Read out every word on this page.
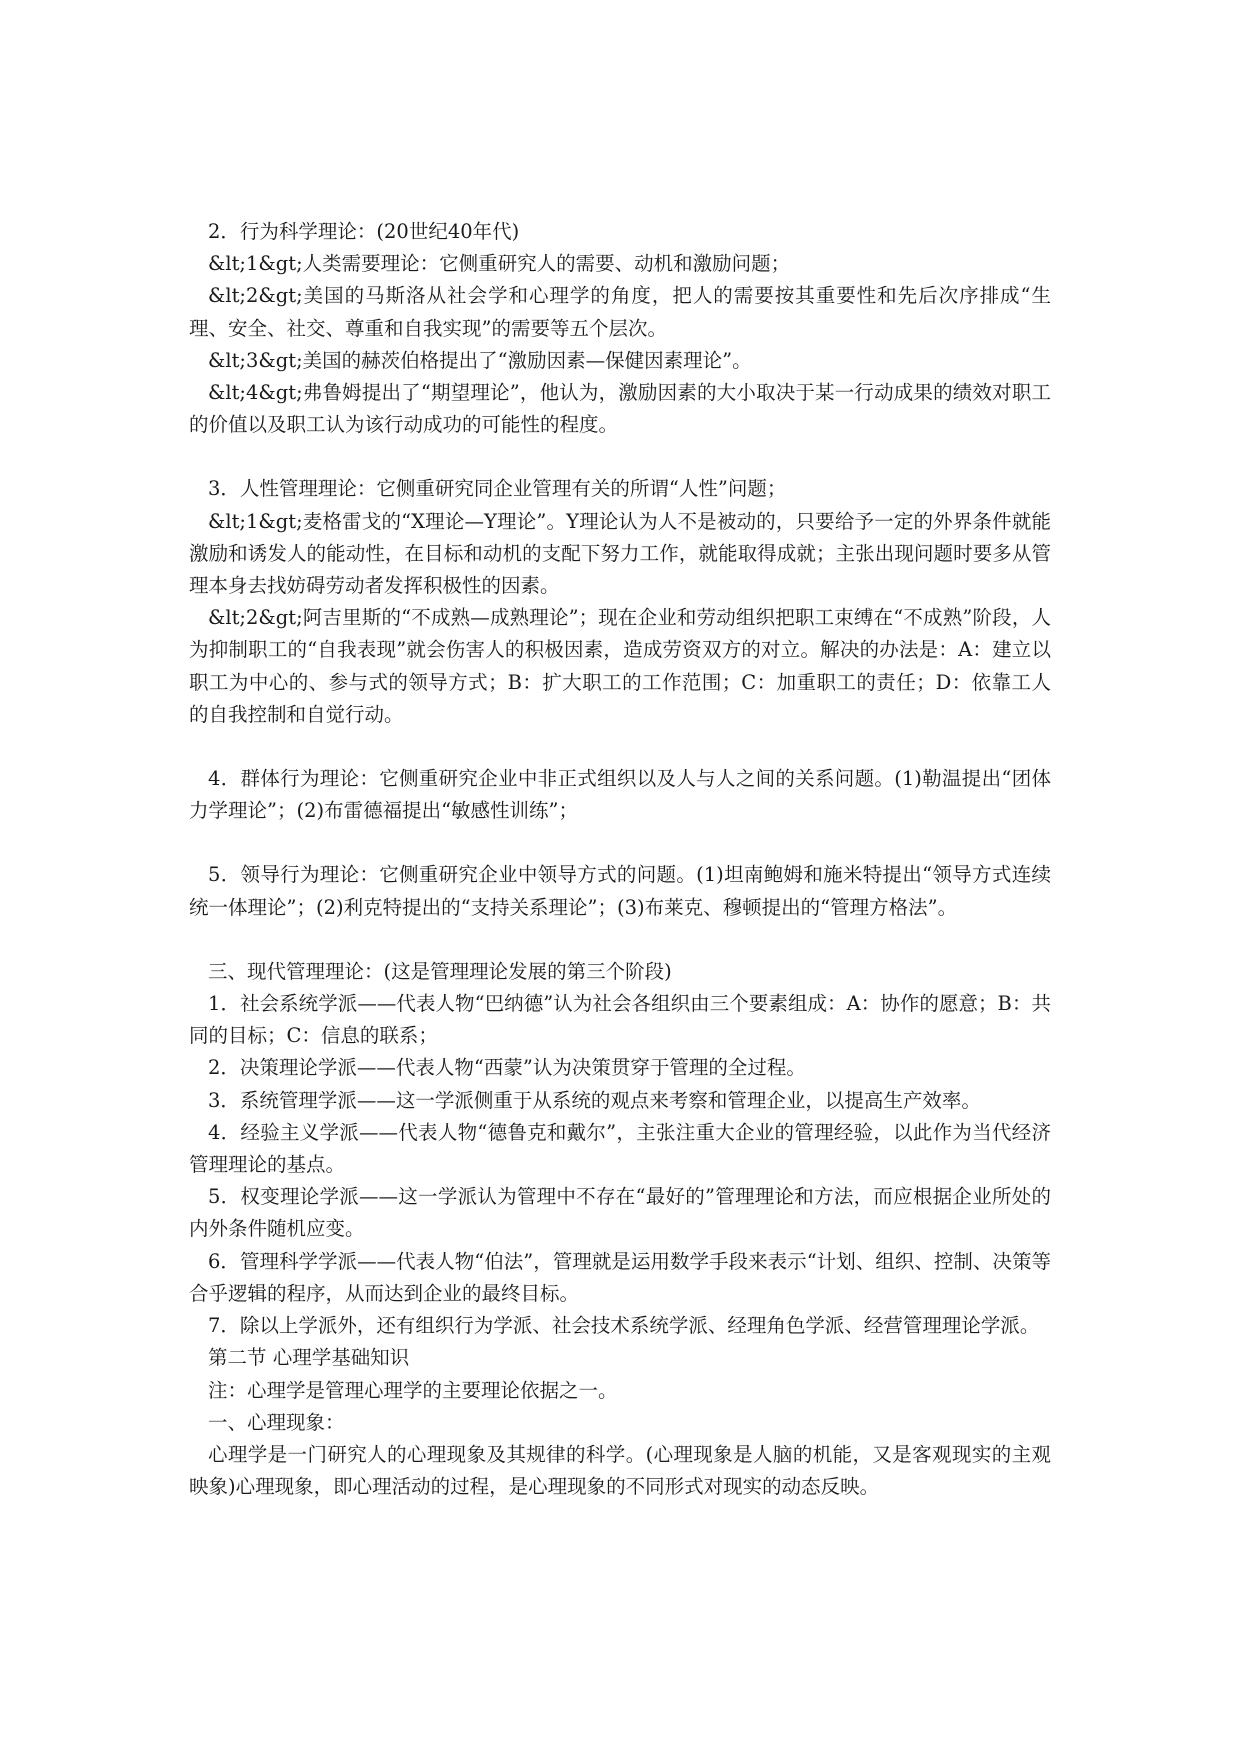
2．行为科学理论：(20世纪40年代)

&lt;1&gt;人类需要理论：它侧重研究人的需要、动机和激励问题；

&lt;2&gt;美国的马斯洛从社会学和心理学的角度，把人的需要按其重要性和先后次序排成“生理、安全、社交、尊重和自我实现”的需要等五个层次。

&lt;3&gt;美国的赫茨伯格提出了“激励因素—保健因素理论”。

&lt;4&gt;弗鲁姆提出了“期望理论”，他认为，激励因素的大小取决于某一行动成果的绩效对职工的价值以及职工认为该行动成功的可能性的程度。

3．人性管理理论：它侧重研究同企业管理有关的所谓“人性”问题；

&lt;1&gt;麦格雷戈的“X理论—Y理论”。Y理论认为人不是被动的，只要给予一定的外界条件就能激励和诱发人的能动性，在目标和动机的支配下努力工作，就能取得成就；主张出现问题时要多从管理本身去找妨碍劳动者发挥积极性的因素。

&lt;2&gt;阿吉里斯的“不成熟—成熟理论”；现在企业和劳动组织把职工束缚在“不成熟”阶段，人为抑制职工的“自我表现”就会伤害人的积极因素，造成劳资双方的对立。解决的办法是：A：建立以职工为中心的、参与式的领导方式；B：扩大职工的工作范围；C：加重职工的责任；D：依靠工人的自我控制和自觉行动。

4．群体行为理论：它侧重研究企业中非正式组织以及人与人之间的关系问题。(1)勒温提出“团体力学理论”；(2)布雷德福提出“敏感性训练”；

5．领导行为理论：它侧重研究企业中领导方式的问题。(1)坦南鲍姆和施米特提出“领导方式连续统一体理论”；(2)利克特提出的“支持关系理论”；(3)布莱克、穆顿提出的“管理方格法”。

三、现代管理理论：(这是管理理论发展的第三个阶段)

1．社会系统学派——代表人物“巴纳德”认为社会各组织由三个要素组成：A：协作的愿意；B：共同的目标；C：信息的联系；

2．决策理论学派——代表人物“西蒙”认为决策贯穿于管理的全过程。

3．系统管理学派——这一学派侧重于从系统的观点来考察和管理企业，以提高生产效率。

4．经验主义学派——代表人物“德鲁克和戴尔”，主张注重大企业的管理经验，以此作为当代经济管理理论的基点。

5．权变理论学派——这一学派认为管理中不存在“最好的”管理理论和方法，而应根据企业所处的内外条件随机应变。

6．管理科学学派——代表人物“伯法”，管理就是运用数学手段来表示“计划、组织、控制、决策等合乎逻辑的程序，从而达到企业的最终目标。

7．除以上学派外，还有组织行为学派、社会技术系统学派、经理角色学派、经营管理理论学派。

第二节 心理学基础知识

注：心理学是管理心理学的主要理论依据之一。

一、心理现象：

心理学是一门研究人的心理现象及其规律的科学。(心理现象是人脑的机能，又是客观现实的主观映象)心理现象，即心理活动的过程，是心理现象的不同形式对现实的动态反映。
